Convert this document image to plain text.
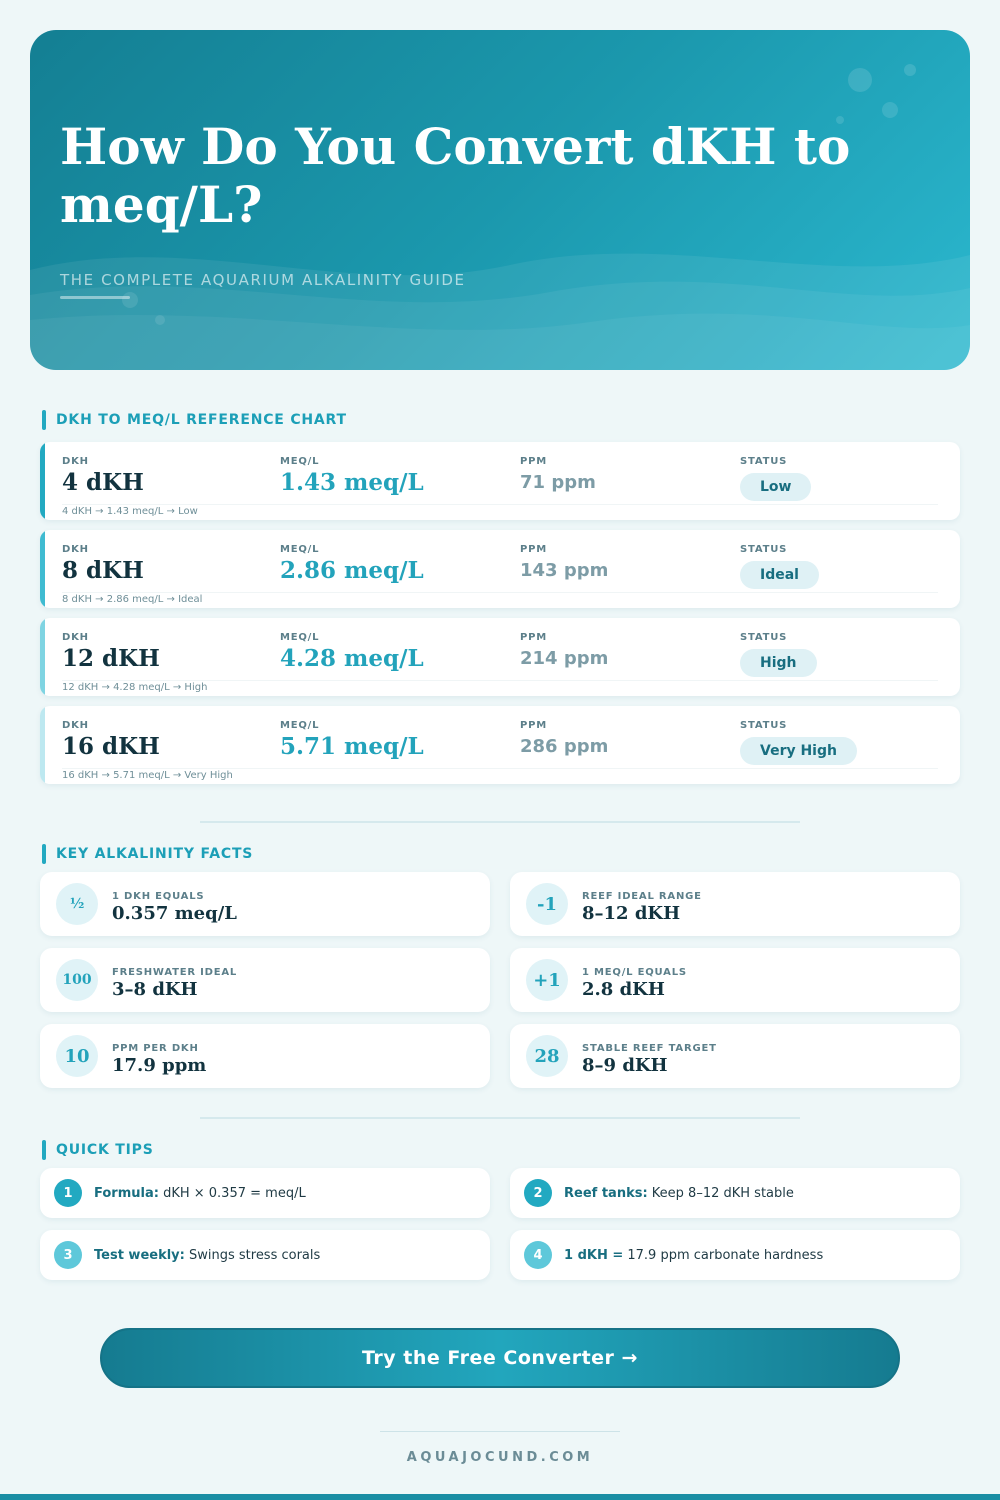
How Do You Convert dKH to meq/L?
THE COMPLETE AQUARIUM ALKALINITY GUIDE
DKH TO MEQ/L REFERENCE CHART
DKH
4 dKH
MEQ/L
1.43 meq/L
PPM
71 ppm
STATUS
Low
4 dKH → 1.43 meq/L → Low
DKH
8 dKH
MEQ/L
2.86 meq/L
PPM
143 ppm
STATUS
Ideal
8 dKH → 2.86 meq/L → Ideal
DKH
12 dKH
MEQ/L
4.28 meq/L
PPM
214 ppm
STATUS
High
12 dKH → 4.28 meq/L → High
DKH
16 dKH
MEQ/L
5.71 meq/L
PPM
286 ppm
STATUS
Very High
16 dKH → 5.71 meq/L → Very High
KEY ALKALINITY FACTS
½	1 DKH EQUALS
0.357 meq/L	-1	REEF IDEAL RANGE
8–12 dKH
100	FRESHWATER IDEAL
3–8 dKH	+1	1 MEQ/L EQUALS
2.8 dKH
10	PPM PER DKH
17.9 ppm	28	STABLE REEF TARGET
8–9 dKH
QUICK TIPS
1	Formula: dKH × 0.357 = meq/L	2	Reef tanks: Keep 8–12 dKH stable
3	Test weekly: Swings stress corals	4	1 dKH = 17.9 ppm carbonate hardness
Try the Free Converter →
AQUAJOCUND.COM
